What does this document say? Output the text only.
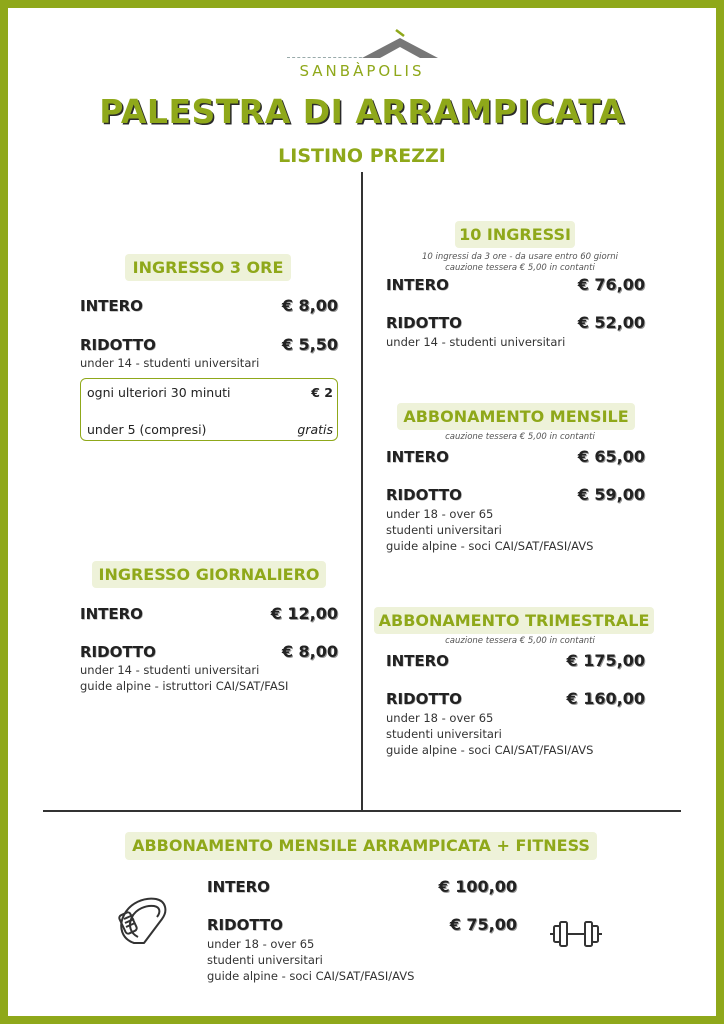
SANBÀPOLIS
PALESTRA DI ARRAMPICATA
LISTINO PREZZI
INGRESSO 3 ORE
INTERO	€ 8,00
RIDOTTO	€ 5,50
under 14 - studenti universitari
ogni ulteriori 30 minuti	€ 2
under 5 (compresi)	gratis
INGRESSO GIORNALIERO
INTERO	€ 12,00
RIDOTTO	€ 8,00
under 14 - studenti universitari
guide alpine - istruttori CAI/SAT/FASI
10 INGRESSI
10 ingressi da 3 ore - da usare entro 60 giorni
cauzione tessera € 5,00 in contanti
INTERO	€ 76,00
RIDOTTO	€ 52,00
under 14 - studenti universitari
ABBONAMENTO MENSILE
cauzione tessera € 5,00 in contanti
INTERO	€ 65,00
RIDOTTO	€ 59,00
under 18 - over 65
studenti universitari
guide alpine - soci CAI/SAT/FASI/AVS
ABBONAMENTO TRIMESTRALE
cauzione tessera € 5,00 in contanti
INTERO	€ 175,00
RIDOTTO	€ 160,00
under 18 - over 65
studenti universitari
guide alpine - soci CAI/SAT/FASI/AVS
ABBONAMENTO MENSILE ARRAMPICATA + FITNESS
INTERO	€ 100,00
RIDOTTO	€ 75,00
under 18 - over 65
studenti universitari
guide alpine - soci CAI/SAT/FASI/AVS
